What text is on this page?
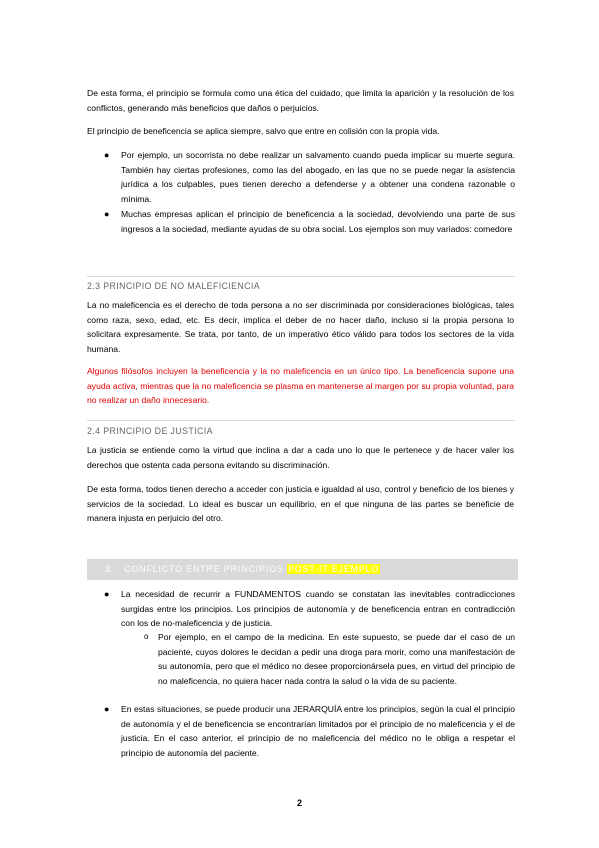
De esta forma, el principio se formula como una ética del cuidado, que limita la aparición y la resolución de los conflictos, generando más beneficios que daños o perjuicios.

El principio de beneficencia se aplica siempre, salvo que entre en colisión con la propia vida.

● Por ejemplo, un socorrista no debe realizar un salvamento cuando pueda implicar su muerte segura. También hay ciertas profesiones, como las del abogado, en las que no se puede negar la asistencia jurídica a los culpables, pues tienen derecho a defenderse y a obtener una condena razonable o mínima.

● Muchas empresas aplican el principio de beneficencia a la sociedad, devolviendo una parte de sus ingresos a la sociedad, mediante ayudas de su obra social. Los ejemplos son muy variados: comedore

2.3 PRINCIPIO DE NO MALEFICIENCIA

La no maleficencia es el derecho de toda persona a no ser discriminada por consideraciones biológicas, tales como raza, sexo, edad, etc. Es decir, implica el deber de no hacer daño, incluso si la propia persona lo solicitara expresamente. Se trata, por tanto, de un imperativo ético válido para todos los sectores de la vida humana.

Algunos filósofos incluyen la beneficencia y la no maleficencia en un único tipo. La beneficencia supone una ayuda activa, mientras que la no maleficencia se plasma en mantenerse al margen por su propia voluntad, para no realizar un daño innecesario.

2.4 PRINCIPIO DE JUSTICIA

La justicia se entiende como la virtud que inclina a dar a cada uno lo que le pertenece y de hacer valer los derechos que ostenta cada persona evitando su discriminación.

De esta forma, todos tienen derecho a acceder con justicia e igualdad al uso, control y beneficio de los bienes y servicios de la sociedad. Lo ideal es buscar un equilibrio, en el que ninguna de las partes se beneficie de manera injusta en perjuicio del otro.

3. CONFLICTO ENTRE PRINCIPIOS POST-IT EJEMPLO
● La necesidad de recurrir a FUNDAMENTOS cuando se constatan las inevitables contradicciones surgidas entre los principios. Los principios de autonomía y de beneficencia entran en contradicción con los de no-maleficencia y de justicia.

o Por ejemplo, en el campo de la medicina. En este supuesto, se puede dar el caso de un paciente, cuyos dolores le decidan a pedir una droga para morir, como una manifestación de su autonomía, pero que el médico no desee proporcionársela pues, en virtud del principio de no maleficencia, no quiera hacer nada contra la salud o la vida de su paciente.

● En estas situaciones, se puede producir una JERARQUÍA entre los principios, según la cual el principio de autonomía y el de beneficencia se encontrarían limitados por el principio de no maleficencia y el de justicia. En el caso anterior, el principio de no maleficencia del médico no le obliga a respetar el principio de autonomía del paciente.

2
